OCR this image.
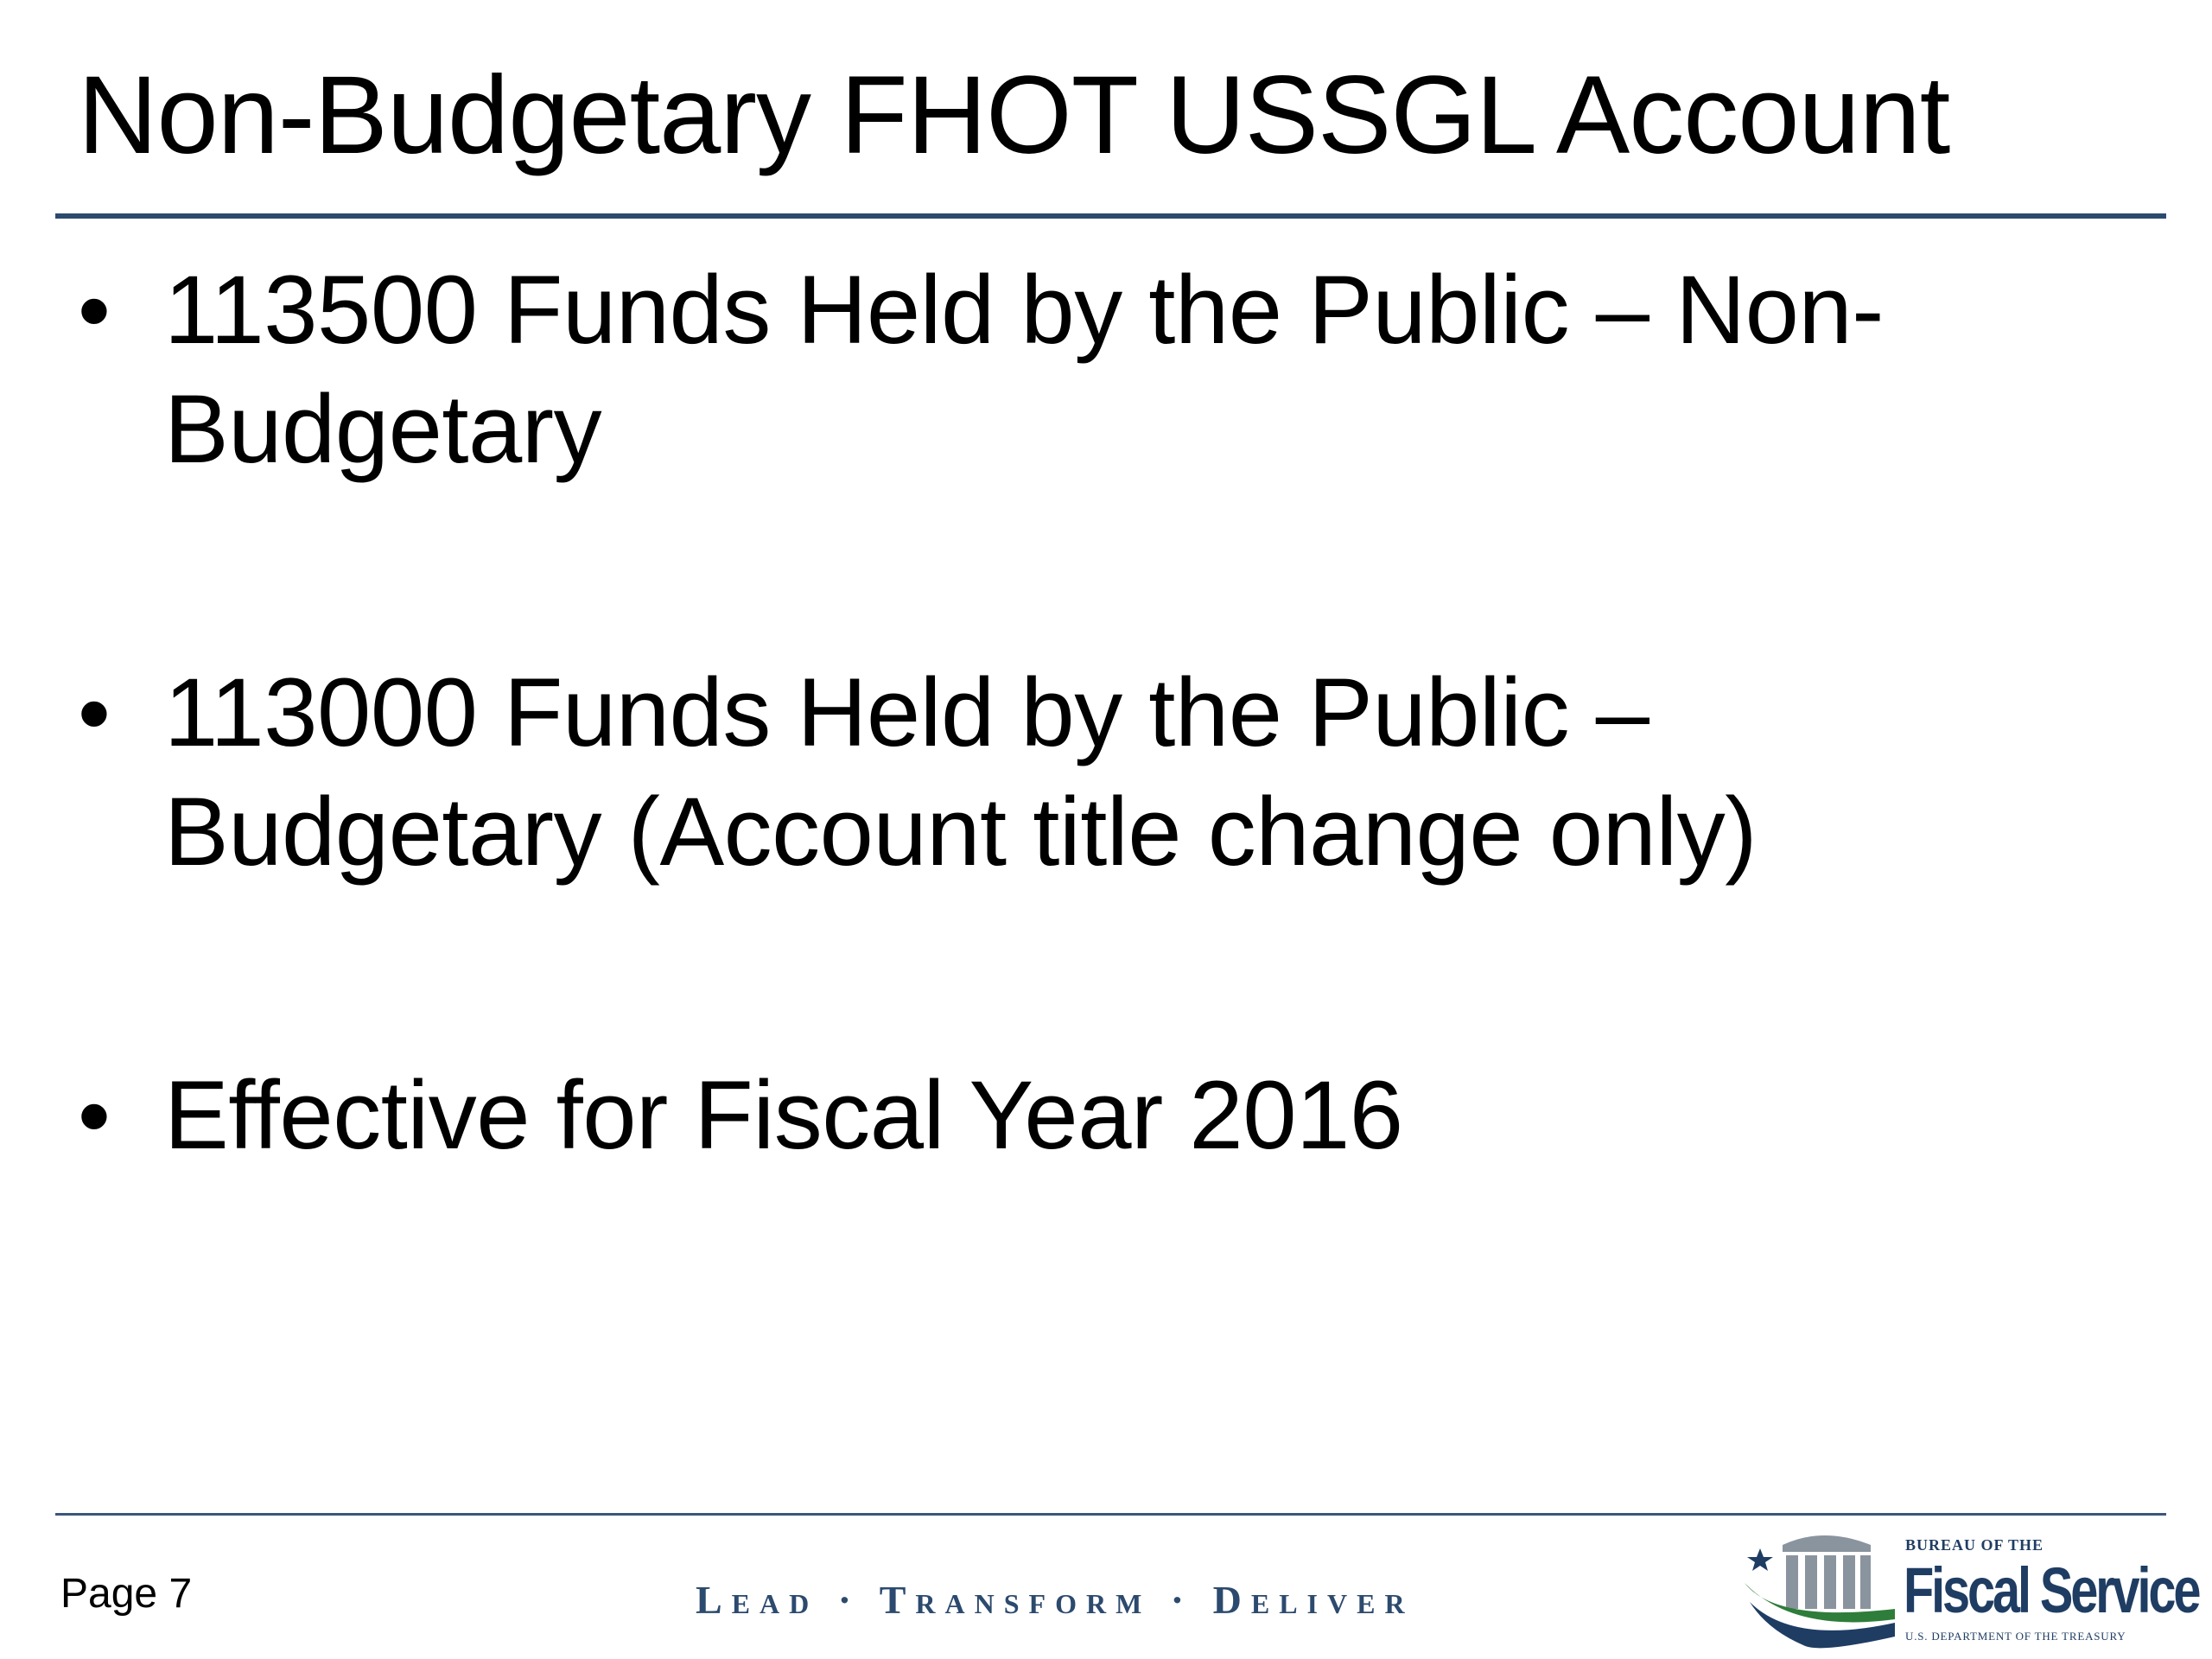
Non-Budgetary FHOT USSGL Account
• 113500 Funds Held by the Public – Non-Budgetary
• 113000 Funds Held by the Public – Budgetary (Account title change only)
• Effective for Fiscal Year 2016
Page 7	Lead · Transform · Deliver
BUREAU OF THE
Fiscal Service
U.S. DEPARTMENT OF THE TREASURY
